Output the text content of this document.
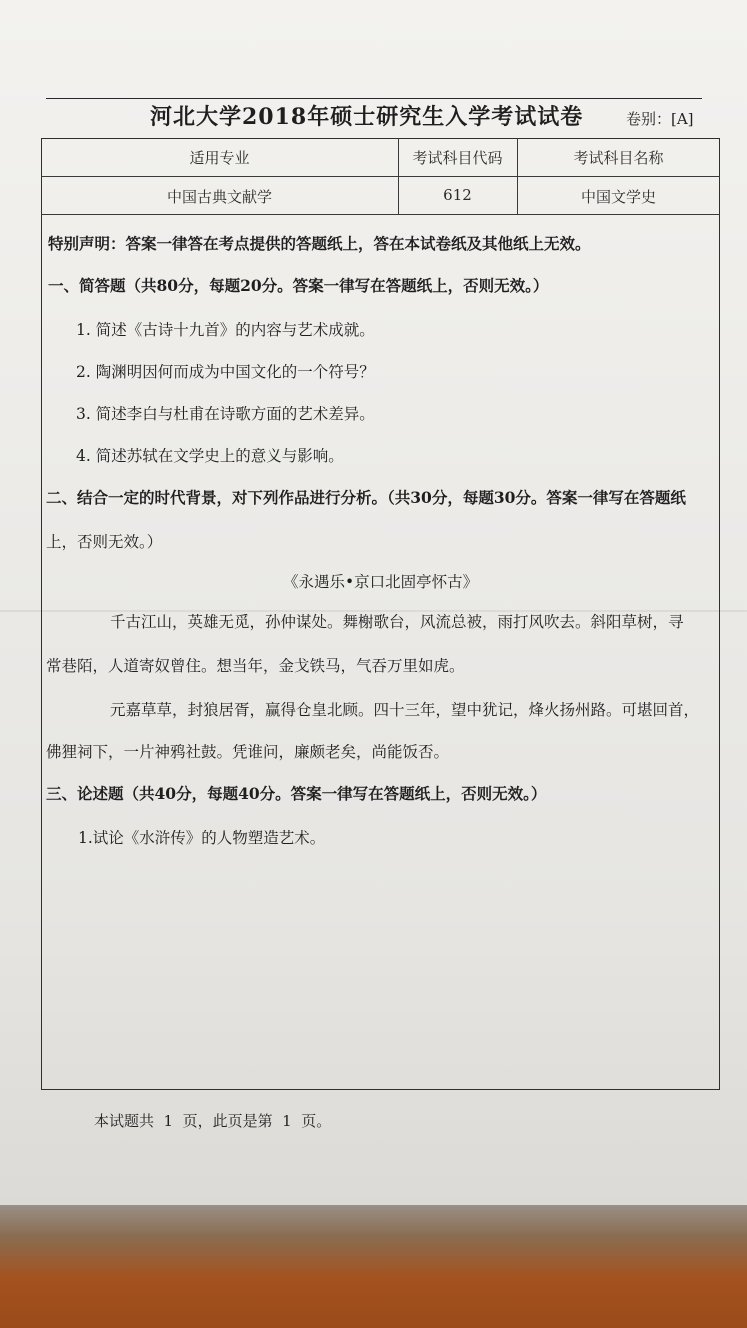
河北大学2018年硕士研究生入学考试试卷	卷别：[A]
适用专业	考试科目代码	考试科目名称
中国古典文献学	612	中国文学史
特别声明：答案一律答在考点提供的答题纸上，答在本试卷纸及其他纸上无效。
一、简答题（共80分，每题20分。答案一律写在答题纸上，否则无效。）
1. 简述《古诗十九首》的内容与艺术成就。
2. 陶渊明因何而成为中国文化的一个符号？
3. 简述李白与杜甫在诗歌方面的艺术差异。
4. 简述苏轼在文学史上的意义与影响。
二、结合一定的时代背景，对下列作品进行分析。（共30分，每题30分。答案一律写在答题纸
上，否则无效。）
《永遇乐•京口北固亭怀古》
千古江山，英雄无觅，孙仲谋处。舞榭歌台，风流总被，雨打风吹去。斜阳草树，寻
常巷陌，人道寄奴曾住。想当年，金戈铁马，气吞万里如虎。
元嘉草草，封狼居胥，赢得仓皇北顾。四十三年，望中犹记，烽火扬州路。可堪回首，
佛狸祠下，一片神鸦社鼓。凭谁问，廉颇老矣，尚能饭否。
三、论述题（共40分，每题40分。答案一律写在答题纸上，否则无效。）
1.试论《水浒传》的人物塑造艺术。
本试题共  1  页，此页是第  1  页。
